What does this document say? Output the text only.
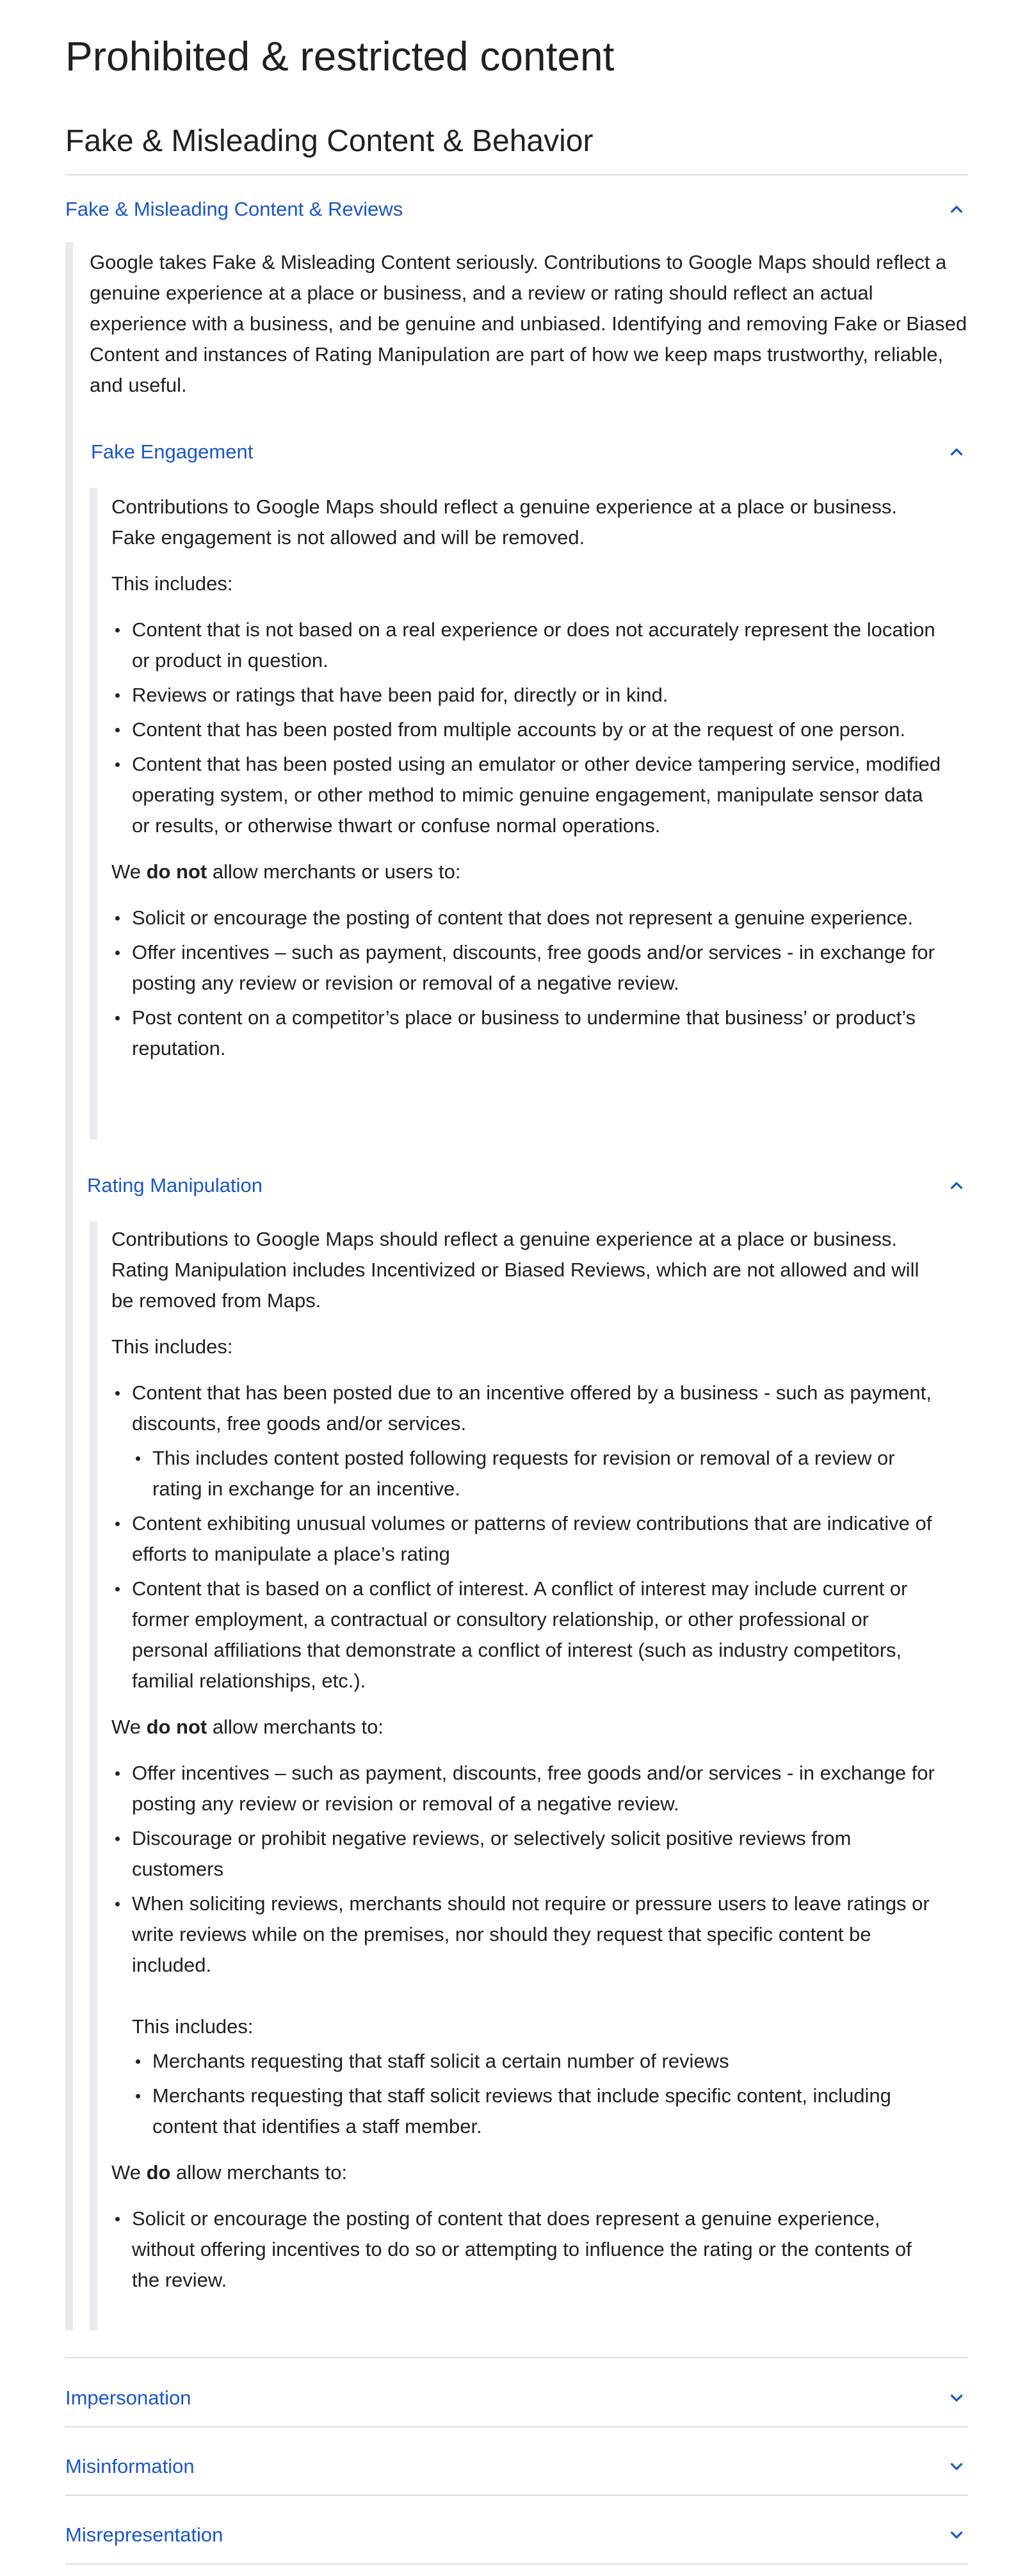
Prohibited & restricted content
Fake & Misleading Content & Behavior
Fake & Misleading Content & Reviews

Google takes Fake & Misleading Content seriously. Contributions to Google Maps should reflect a genuine experience at a place or business, and a review or rating should reflect an actual experience with a business, and be genuine and unbiased. Identifying and removing Fake or Biased Content and instances of Rating Manipulation are part of how we keep maps trustworthy, reliable, and useful.

Fake Engagement

Contributions to Google Maps should reflect a genuine experience at a place or business. Fake engagement is not allowed and will be removed.

This includes:

Content that is not based on a real experience or does not accurately represent the location or product in question.
Reviews or ratings that have been paid for, directly or in kind.
Content that has been posted from multiple accounts by or at the request of one person.
Content that has been posted using an emulator or other device tampering service, modified operating system, or other method to mimic genuine engagement, manipulate sensor data or results, or otherwise thwart or confuse normal operations.

We do not allow merchants or users to:

Solicit or encourage the posting of content that does not represent a genuine experience.
Offer incentives – such as payment, discounts, free goods and/or services - in exchange for posting any review or revision or removal of a negative review.
Post content on a competitor’s place or business to undermine that business’ or product’s reputation.
Rating Manipulation

Contributions to Google Maps should reflect a genuine experience at a place or business. Rating Manipulation includes Incentivized or Biased Reviews, which are not allowed and will be removed from Maps.

This includes:

Content that has been posted due to an incentive offered by a business - such as payment, discounts, free goods and/or services.
This includes content posted following requests for revision or removal of a review or rating in exchange for an incentive.
Content exhibiting unusual volumes or patterns of review contributions that are indicative of efforts to manipulate a place’s rating
Content that is based on a conflict of interest. A conflict of interest may include current or former employment, a contractual or consultory relationship, or other professional or personal affiliations that demonstrate a conflict of interest (such as industry competitors, familial relationships, etc.).

We do not allow merchants to:

Offer incentives – such as payment, discounts, free goods and/or services - in exchange for posting any review or revision or removal of a negative review.
Discourage or prohibit negative reviews, or selectively solicit positive reviews from customers
When soliciting reviews, merchants should not require or pressure users to leave ratings or write reviews while on the premises, nor should they request that specific content be included.
This includes:
Merchants requesting that staff solicit a certain number of reviews
Merchants requesting that staff solicit reviews that include specific content, including content that identifies a staff member.

We do allow merchants to:

Solicit or encourage the posting of content that does represent a genuine experience, without offering incentives to do so or attempting to influence the rating or the contents of the review.
Impersonation
Misinformation
Misrepresentation
